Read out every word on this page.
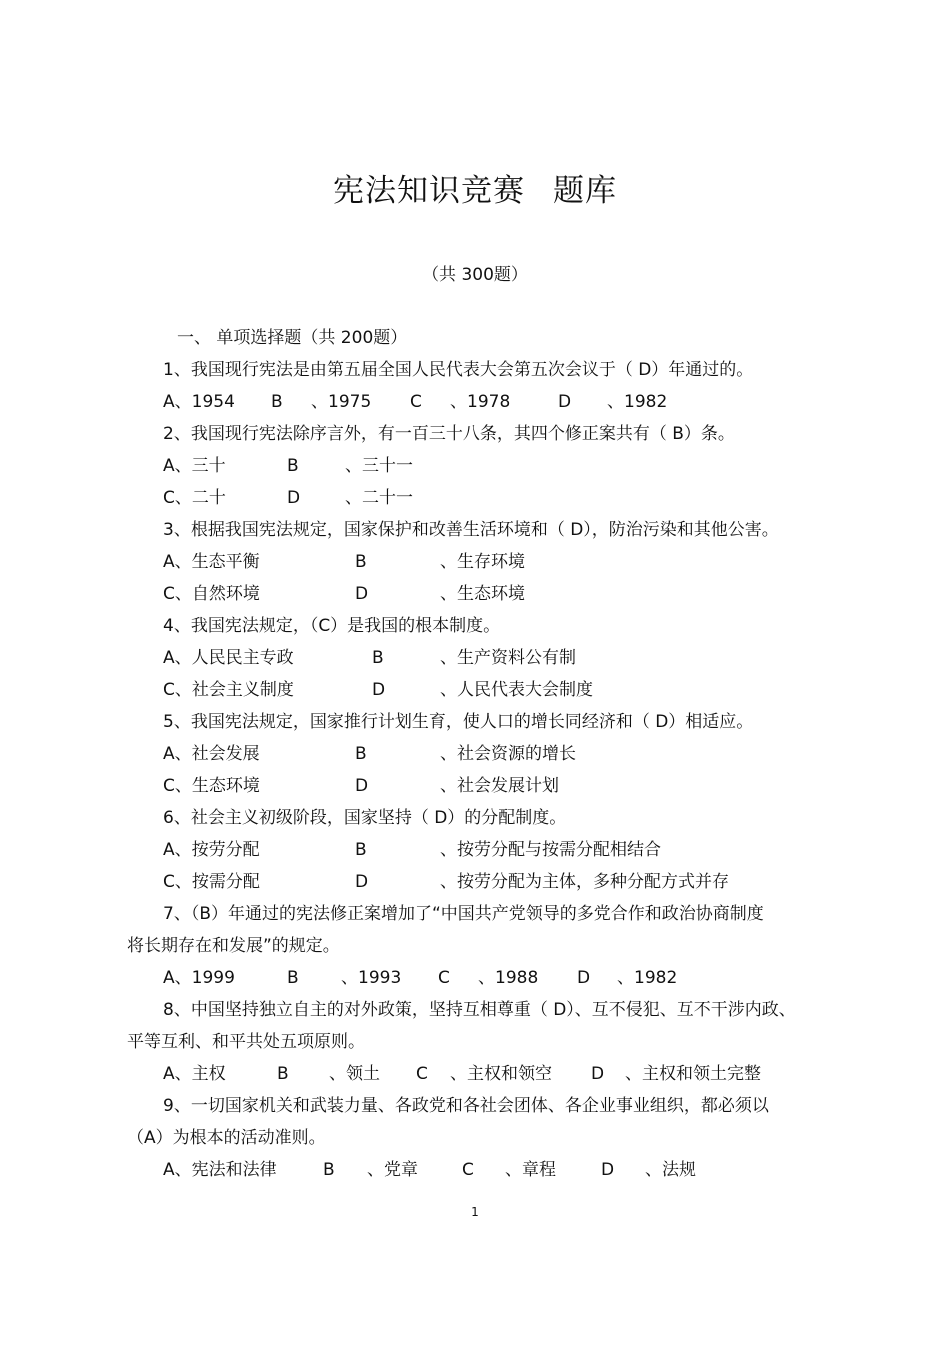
宪法知识竞赛 题库
（共 300题）
一、 单项选择题（共 200题）
1、我国现行宪法是由第五届全国人民代表大会第五次会议于（ D）年通过的。
A、1954 B 、1975 C 、1978	D 、1982
2、我国现行宪法除序言外，有一百三十八条，其四个修正案共有（ B）条。
A、三十	B	、三十一
C、二十	D	、二十一
3、根据我国宪法规定，国家保护和改善生活环境和（ D），防治污染和其他公害。
A、生态平衡	B	、生存环境
C、自然环境	D	、生态环境
4、我国宪法规定，（C）是我国的根本制度。
A、人民民主专政	B	、生产资料公有制
C、社会主义制度	D	、人民代表大会制度
5、我国宪法规定，国家推行计划生育，使人口的增长同经济和（ D）相适应。
A、社会发展	B	、社会资源的增长
C、生态环境	D	、社会发展计划
6、社会主义初级阶段，国家坚持（ D）的分配制度。
A、按劳分配	B	、按劳分配与按需分配相结合
C、按需分配	D	、按劳分配为主体，多种分配方式并存
7、（B）年通过的宪法修正案增加了“中国共产党领导的多党合作和政治协商制度
将长期存在和发展”的规定。
A、1999	B 、1993 C 、1988 D 、1982
8、中国坚持独立自主的对外政策，坚持互相尊重（ D）、互不侵犯、互不干涉内政、
平等互利、和平共处五项原则。
A、主权	B 、领土 C 、主权和领空 D 、主权和领土完整
9、一切国家机关和武装力量、各政党和各社会团体、各企业事业组织，都必须以
（A）为根本的活动准则。
A、宪法和法律	B 、党章	C 、章程	D 、法规
1
